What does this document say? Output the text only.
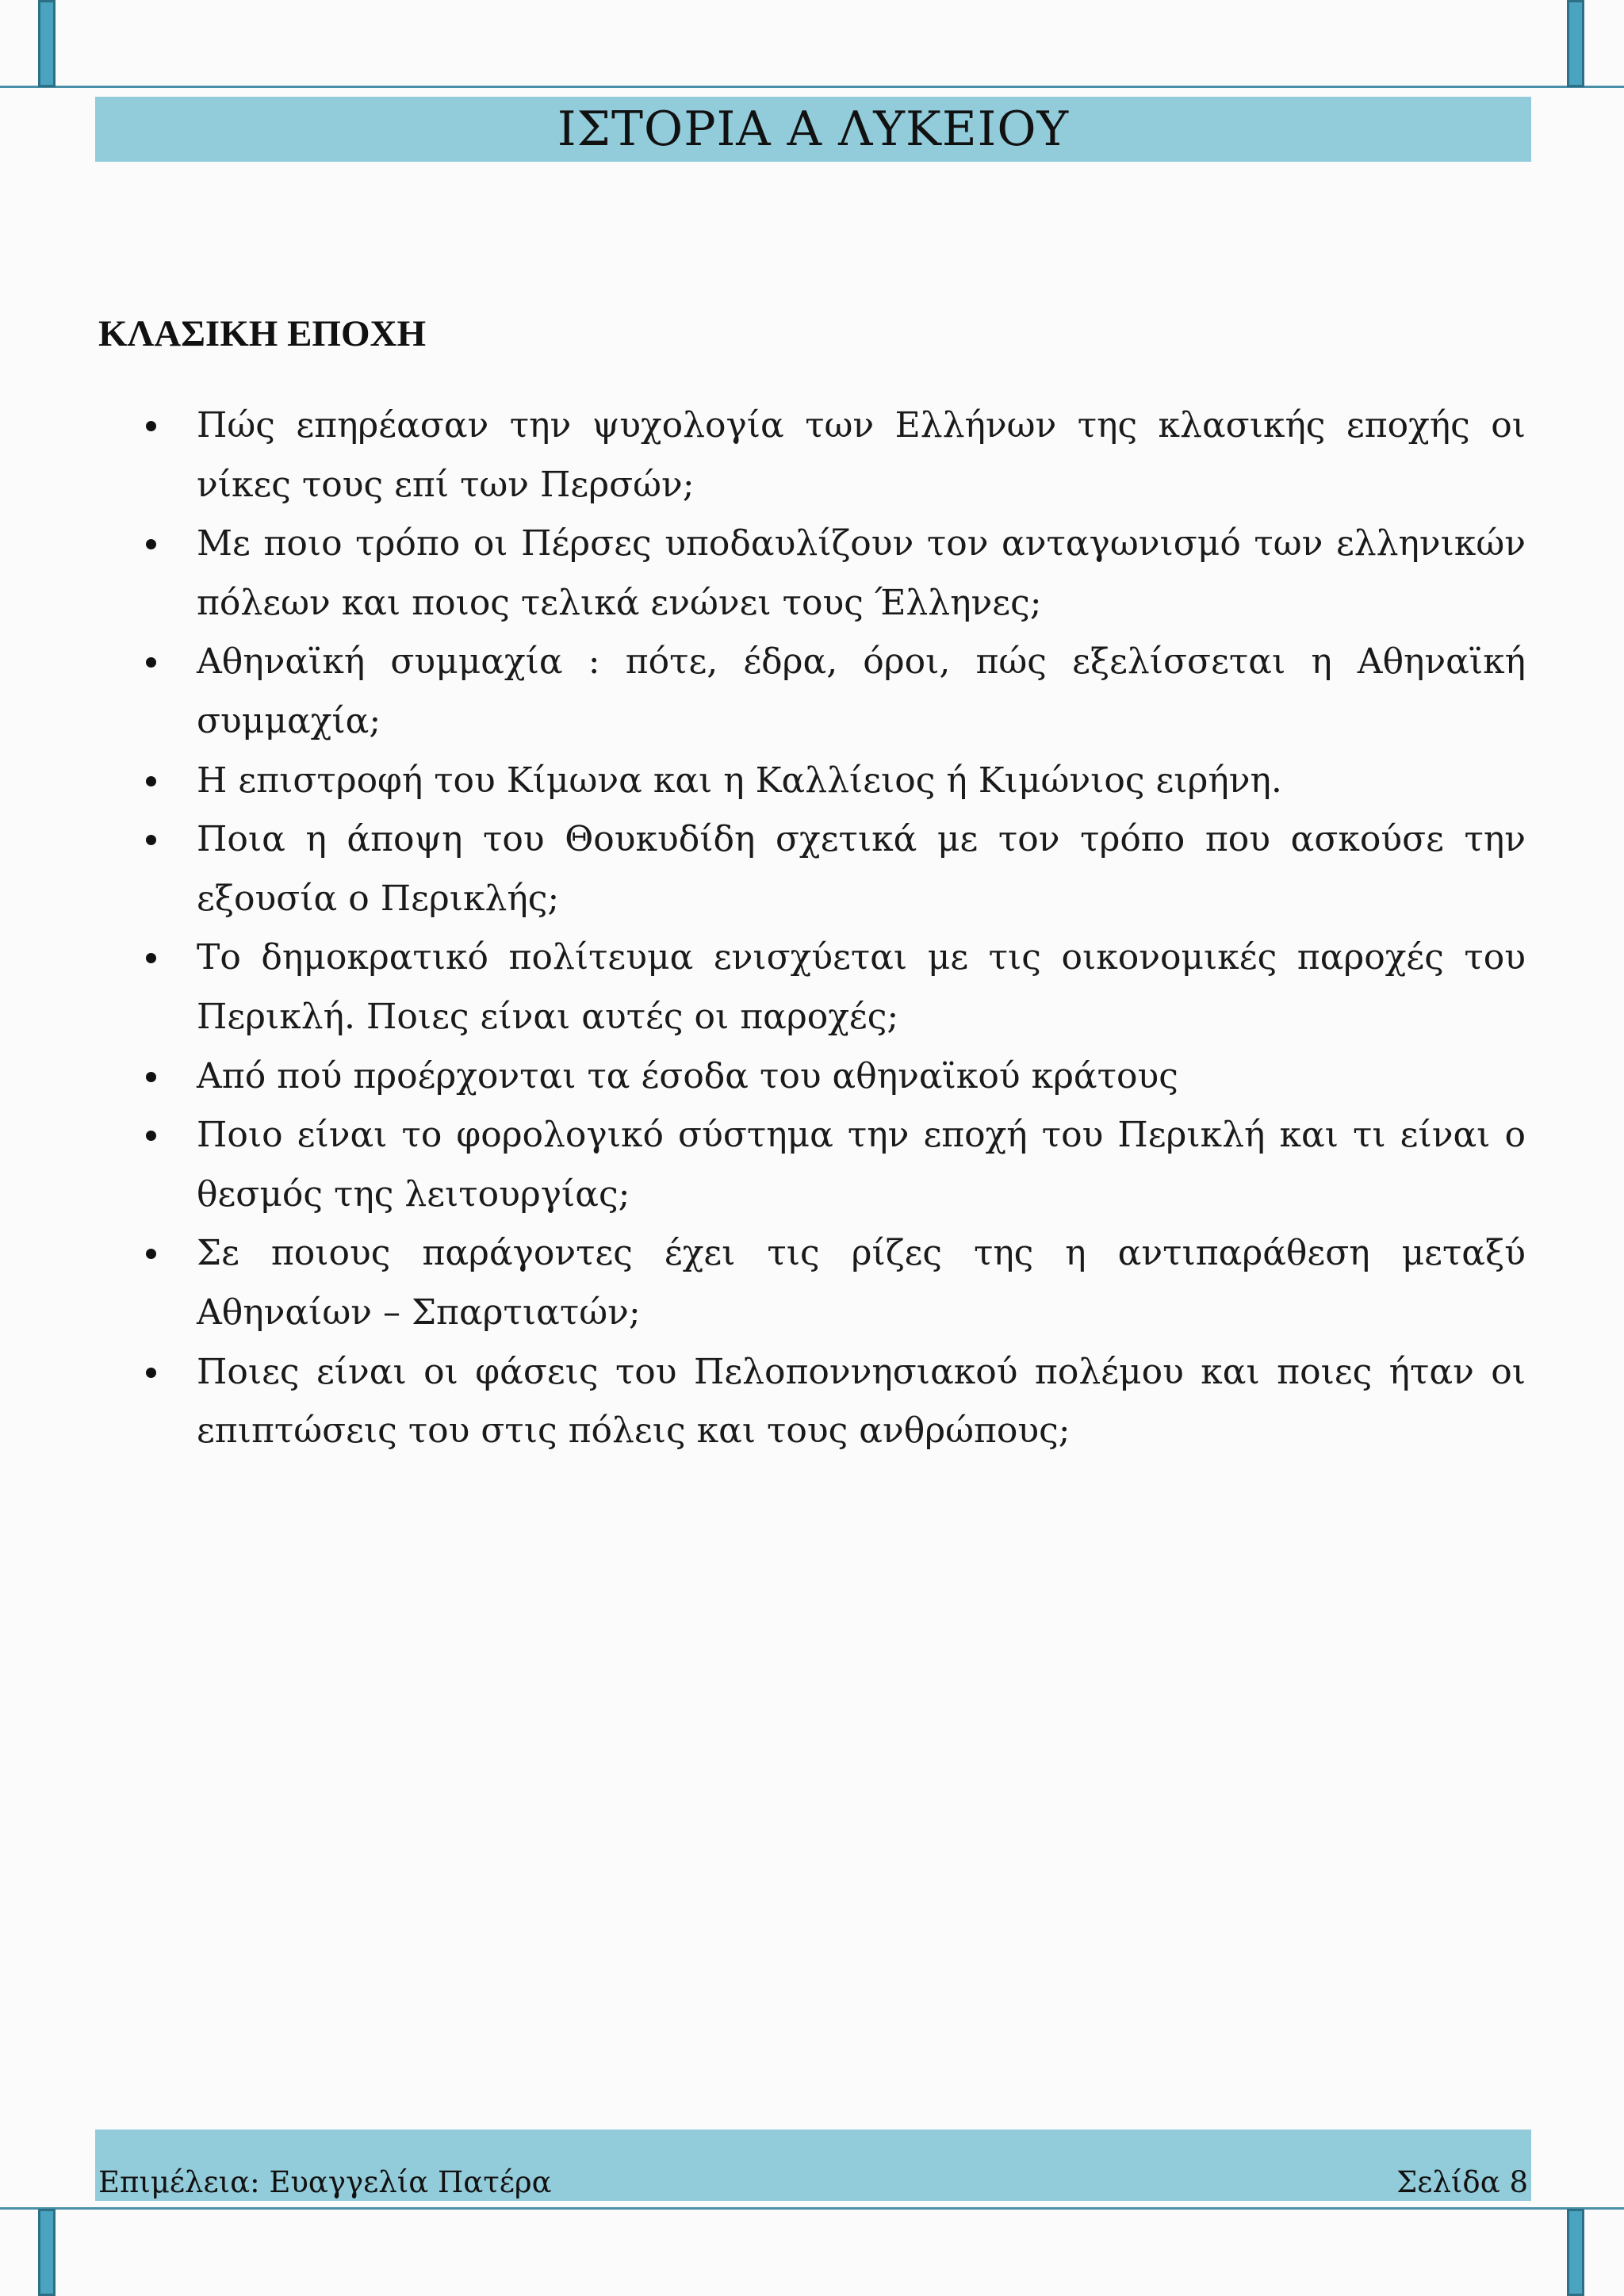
ΙΣΤΟΡΙΑ Α ΛΥΚΕΙΟΥ
ΚΛΑΣΙΚΗ ΕΠΟΧΗ
Πώς επηρέασαν την ψυχολογία των Ελλήνων της κλασικής εποχής οι νίκες τους επί των Περσών;
Με ποιο τρόπο οι Πέρσες υποδαυλίζουν τον ανταγωνισμό των ελληνικών πόλεων και ποιος τελικά ενώνει τους Έλληνες;
Αθηναϊκή συμμαχία : πότε, έδρα, όροι, πώς εξελίσσεται η Αθηναϊκή συμμαχία;
Η επιστροφή του Κίμωνα και η Καλλίειος ή Κιμώνιος ειρήνη.
Ποια η άποψη του Θουκυδίδη σχετικά με τον τρόπο που ασκούσε την εξουσία ο Περικλής;
Το δημοκρατικό πολίτευμα ενισχύεται με τις οικονομικές παροχές του Περικλή. Ποιες είναι αυτές οι παροχές;
Από πού προέρχονται τα έσοδα του αθηναϊκού κράτους
Ποιο είναι το φορολογικό σύστημα την εποχή του Περικλή και τι είναι ο θεσμός της λειτουργίας;
Σε ποιους παράγοντες έχει τις ρίζες της η αντιπαράθεση μεταξύ Αθηναίων – Σπαρτιατών;
Ποιες είναι οι φάσεις του Πελοποννησιακού πολέμου και ποιες ήταν οι επιπτώσεις του στις πόλεις και τους ανθρώπους;
Επιμέλεια: Ευαγγελία Πατέρα	Σελίδα 8
